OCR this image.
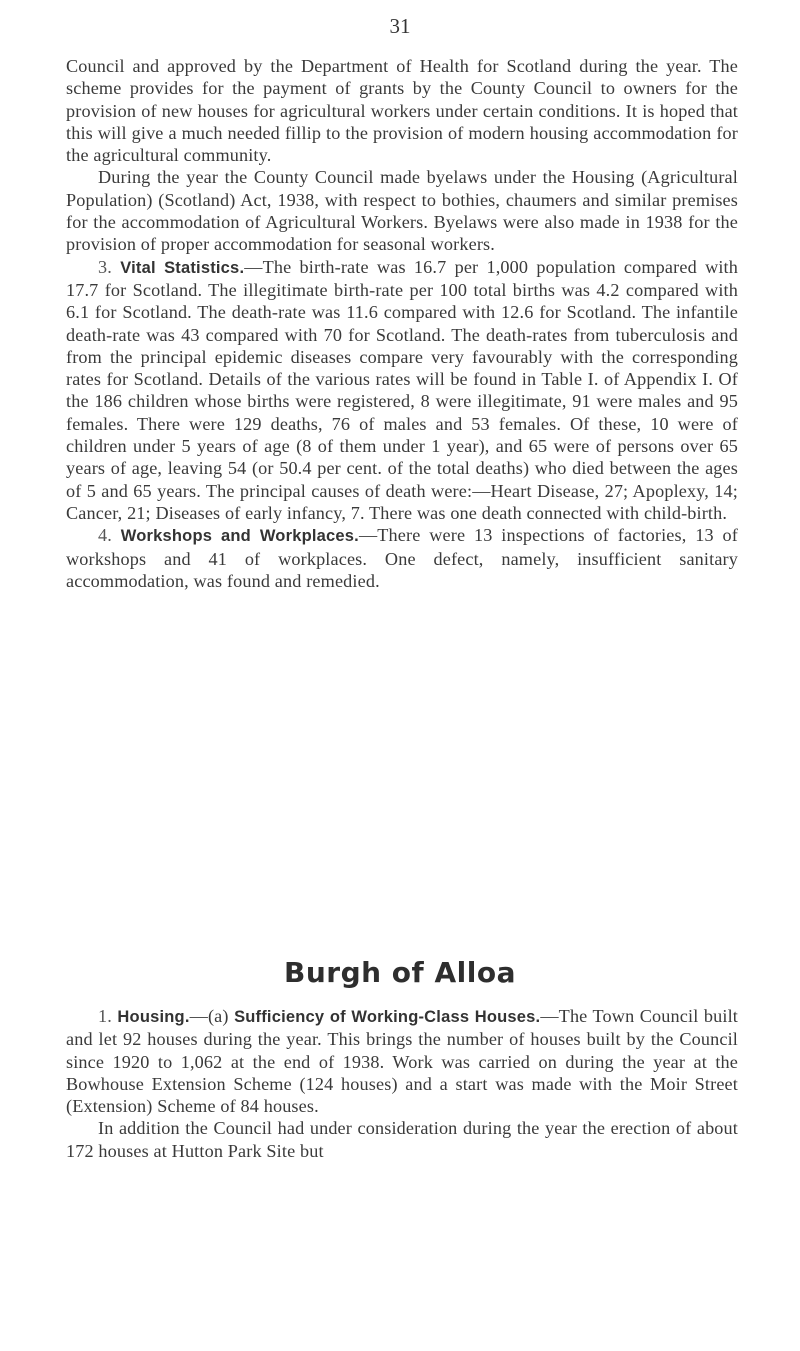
31

Council and approved by the Department of Health for Scotland during the year. The scheme provides for the payment of grants by the County Council to owners for the provision of new houses for agricultural workers under certain conditions. It is hoped that this will give a much needed fillip to the provision of modern housing accommodation for the agricultural community.

During the year the County Council made byelaws under the Housing (Agricultural Population) (Scotland) Act, 1938, with respect to bothies, chaumers and similar premises for the accommodation of Agricultural Workers. Byelaws were also made in 1938 for the provision of proper accommodation for seasonal workers.

3. Vital Statistics.—The birth-rate was 16.7 per 1,000 population compared with 17.7 for Scotland. The illegitimate birth-rate per 100 total births was 4.2 compared with 6.1 for Scotland. The death-rate was 11.6 compared with 12.6 for Scotland. The infantile death-rate was 43 compared with 70 for Scotland. The death-rates from tuberculosis and from the principal epidemic diseases compare very favourably with the corresponding rates for Scotland. Details of the various rates will be found in Table I. of Appendix I. Of the 186 children whose births were registered, 8 were illegitimate, 91 were males and 95 females. There were 129 deaths, 76 of males and 53 females. Of these, 10 were of children under 5 years of age (8 of them under 1 year), and 65 were of persons over 65 years of age, leaving 54 (or 50.4 per cent. of the total deaths) who died between the ages of 5 and 65 years. The principal causes of death were:—Heart Disease, 27; Apoplexy, 14; Cancer, 21; Diseases of early infancy, 7. There was one death connected with child-birth.

4. Workshops and Workplaces.—There were 13 inspections of factories, 13 of workshops and 41 of workplaces. One defect, namely, insufficient sanitary accommodation, was found and remedied.

Burgh of Alloa

1. Housing.—(a) Sufficiency of Working-Class Houses.—The Town Council built and let 92 houses during the year. This brings the number of houses built by the Council since 1920 to 1,062 at the end of 1938. Work was carried on during the year at the Bowhouse Extension Scheme (124 houses) and a start was made with the Moir Street (Extension) Scheme of 84 houses.

In addition the Council had under consideration during the year the erection of about 172 houses at Hutton Park Site but
